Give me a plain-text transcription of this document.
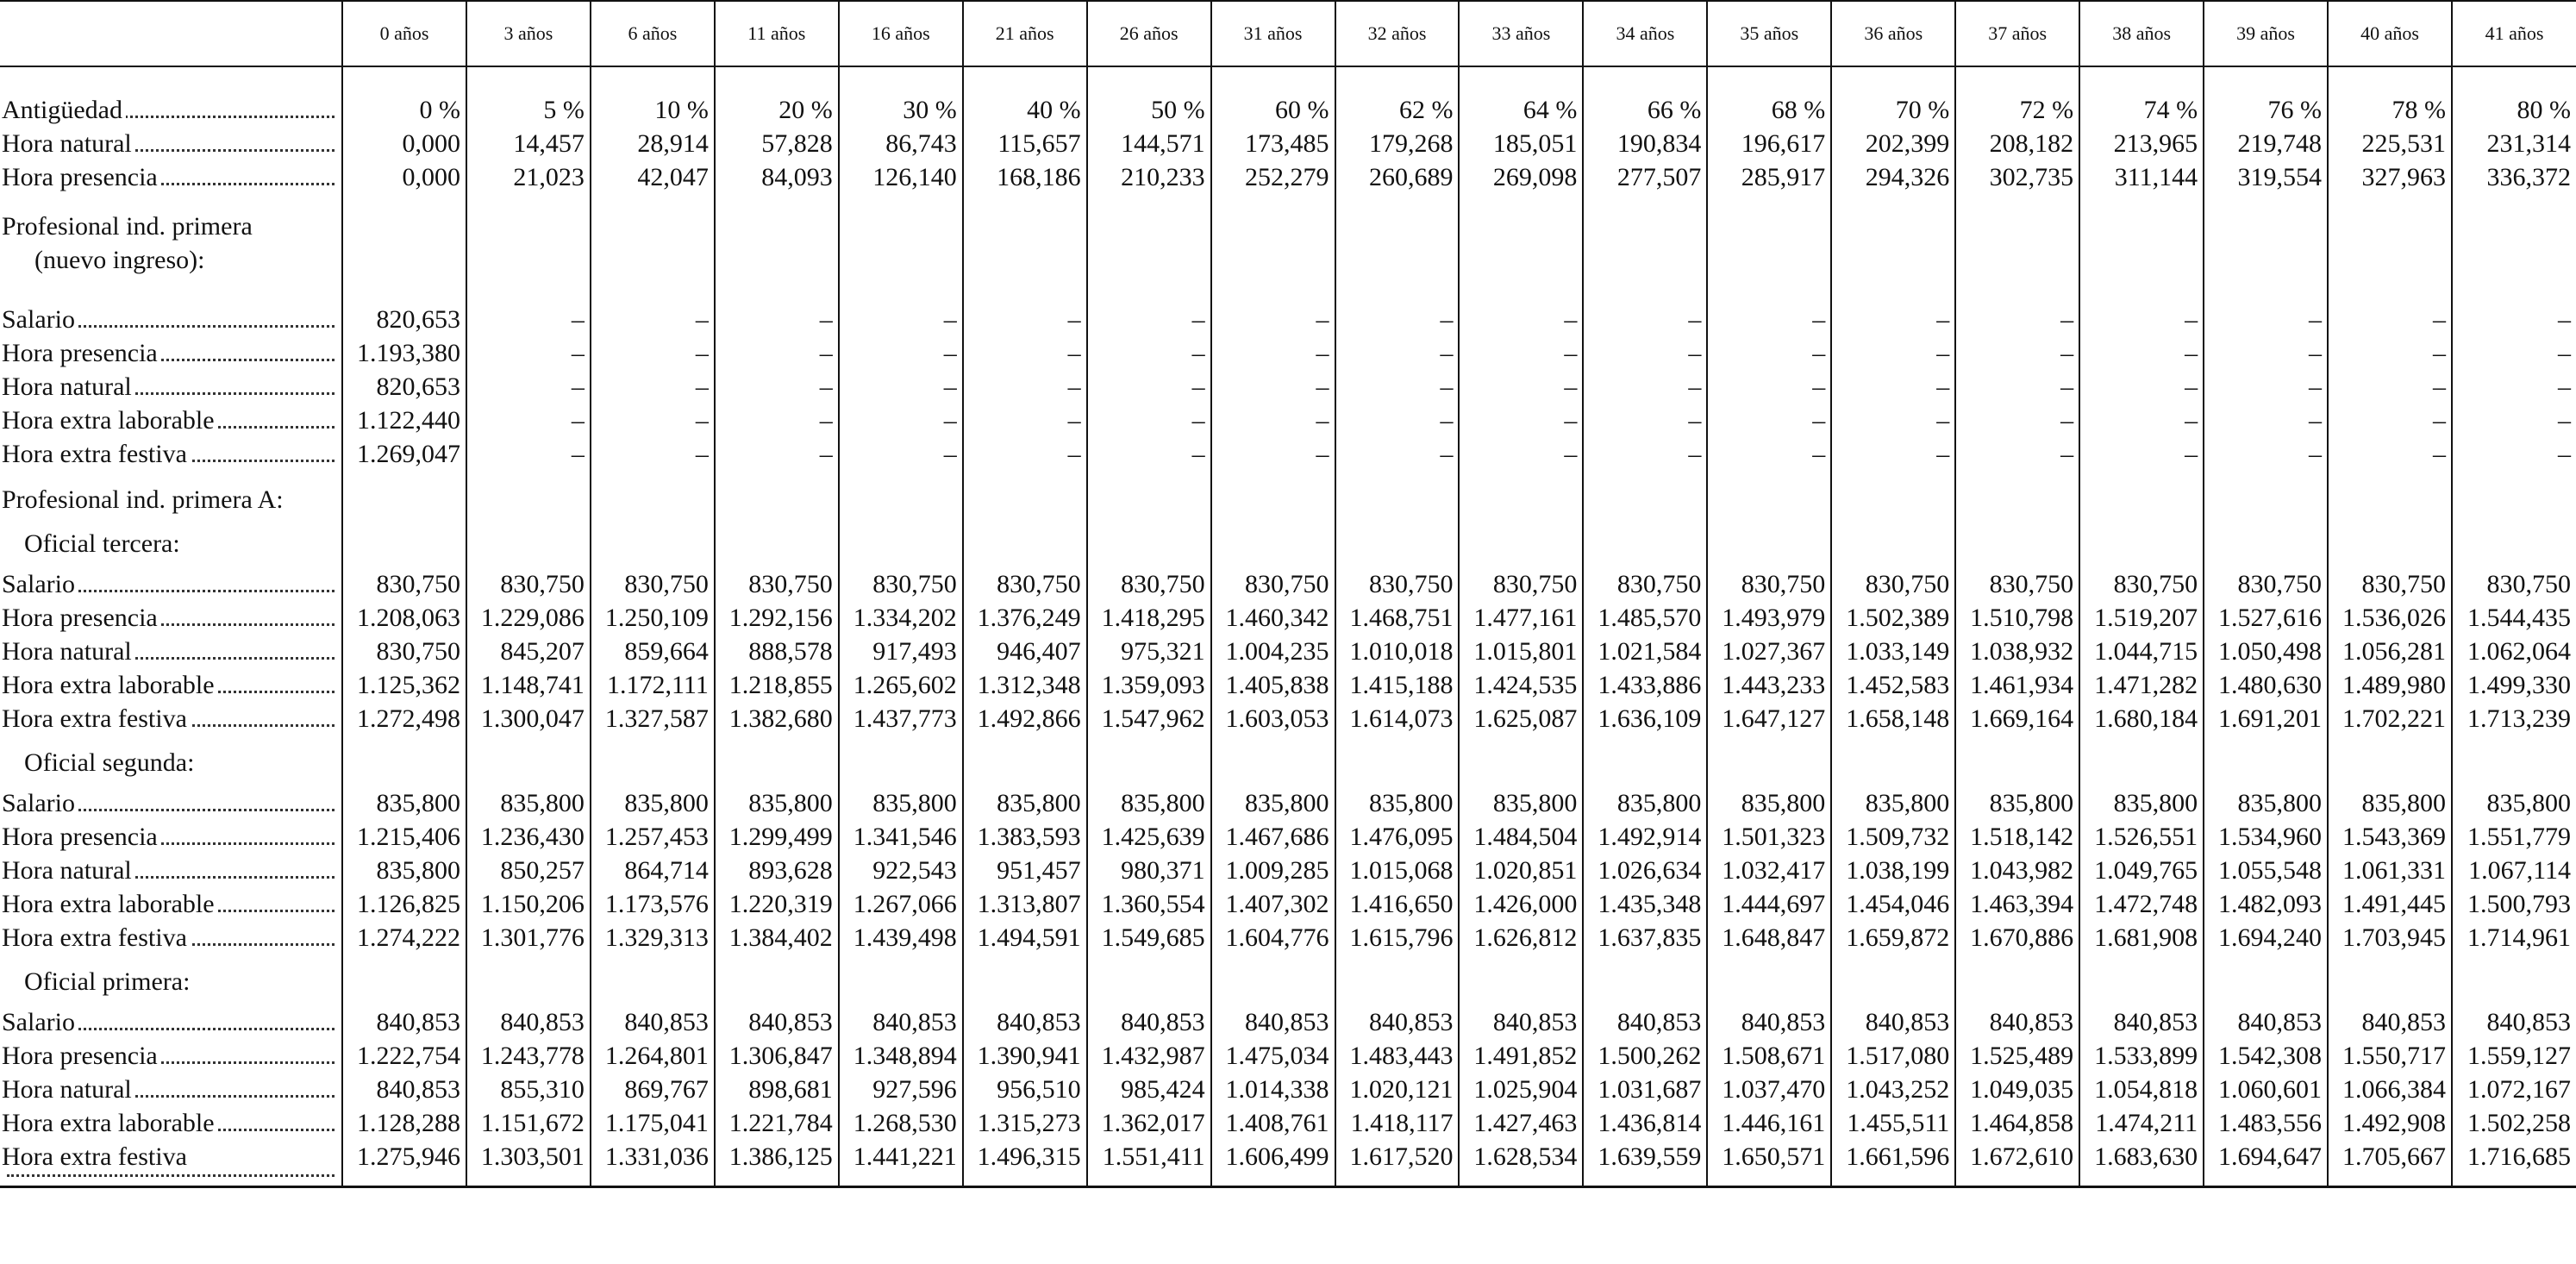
	0 años	3 años	6 años	11 años	16 años	21 años	26 años	31 años	32 años	33 años	34 años	35 años	36 años	37 años	38 años	39 años	40 años	41 años
Antigüedad	0 %	5 %	10 %	20 %	30 %	40 %	50 %	60 %	62 %	64 %	66 %	68 %	70 %	72 %	74 %	76 %	78 %	80 %
Hora natural	0,000	14,457	28,914	57,828	86,743	115,657	144,571	173,485	179,268	185,051	190,834	196,617	202,399	208,182	213,965	219,748	225,531	231,314
Hora presencia	0,000	21,023	42,047	84,093	126,140	168,186	210,233	252,279	260,689	269,098	277,507	285,917	294,326	302,735	311,144	319,554	327,963	336,372
Profesional ind. primera
(nuevo ingreso):																		

Salario	820,653	–	–	–	–	–	–	–	–	–	–	–	–	–	–	–	–	–
Hora presencia	1.193,380	–	–	–	–	–	–	–	–	–	–	–	–	–	–	–	–	–
Hora natural	820,653	–	–	–	–	–	–	–	–	–	–	–	–	–	–	–	–	–
Hora extra laborable	1.122,440	–	–	–	–	–	–	–	–	–	–	–	–	–	–	–	–	–
Hora extra festiva	1.269,047	–	–	–	–	–	–	–	–	–	–	–	–	–	–	–	–	–
Profesional ind. primera A:																		
Oficial tercera:																		
Salario	830,750	830,750	830,750	830,750	830,750	830,750	830,750	830,750	830,750	830,750	830,750	830,750	830,750	830,750	830,750	830,750	830,750	830,750
Hora presencia	1.208,063	1.229,086	1.250,109	1.292,156	1.334,202	1.376,249	1.418,295	1.460,342	1.468,751	1.477,161	1.485,570	1.493,979	1.502,389	1.510,798	1.519,207	1.527,616	1.536,026	1.544,435
Hora natural	830,750	845,207	859,664	888,578	917,493	946,407	975,321	1.004,235	1.010,018	1.015,801	1.021,584	1.027,367	1.033,149	1.038,932	1.044,715	1.050,498	1.056,281	1.062,064
Hora extra laborable	1.125,362	1.148,741	1.172,111	1.218,855	1.265,602	1.312,348	1.359,093	1.405,838	1.415,188	1.424,535	1.433,886	1.443,233	1.452,583	1.461,934	1.471,282	1.480,630	1.489,980	1.499,330
Hora extra festiva	1.272,498	1.300,047	1.327,587	1.382,680	1.437,773	1.492,866	1.547,962	1.603,053	1.614,073	1.625,087	1.636,109	1.647,127	1.658,148	1.669,164	1.680,184	1.691,201	1.702,221	1.713,239
Oficial segunda:																		
Salario	835,800	835,800	835,800	835,800	835,800	835,800	835,800	835,800	835,800	835,800	835,800	835,800	835,800	835,800	835,800	835,800	835,800	835,800
Hora presencia	1.215,406	1.236,430	1.257,453	1.299,499	1.341,546	1.383,593	1.425,639	1.467,686	1.476,095	1.484,504	1.492,914	1.501,323	1.509,732	1.518,142	1.526,551	1.534,960	1.543,369	1.551,779
Hora natural	835,800	850,257	864,714	893,628	922,543	951,457	980,371	1.009,285	1.015,068	1.020,851	1.026,634	1.032,417	1.038,199	1.043,982	1.049,765	1.055,548	1.061,331	1.067,114
Hora extra laborable	1.126,825	1.150,206	1.173,576	1.220,319	1.267,066	1.313,807	1.360,554	1.407,302	1.416,650	1.426,000	1.435,348	1.444,697	1.454,046	1.463,394	1.472,748	1.482,093	1.491,445	1.500,793
Hora extra festiva	1.274,222	1.301,776	1.329,313	1.384,402	1.439,498	1.494,591	1.549,685	1.604,776	1.615,796	1.626,812	1.637,835	1.648,847	1.659,872	1.670,886	1.681,908	1.694,240	1.703,945	1.714,961
Oficial primera:																		
Salario	840,853	840,853	840,853	840,853	840,853	840,853	840,853	840,853	840,853	840,853	840,853	840,853	840,853	840,853	840,853	840,853	840,853	840,853
Hora presencia	1.222,754	1.243,778	1.264,801	1.306,847	1.348,894	1.390,941	1.432,987	1.475,034	1.483,443	1.491,852	1.500,262	1.508,671	1.517,080	1.525,489	1.533,899	1.542,308	1.550,717	1.559,127
Hora natural	840,853	855,310	869,767	898,681	927,596	956,510	985,424	1.014,338	1.020,121	1.025,904	1.031,687	1.037,470	1.043,252	1.049,035	1.054,818	1.060,601	1.066,384	1.072,167
Hora extra laborable	1.128,288	1.151,672	1.175,041	1.221,784	1.268,530	1.315,273	1.362,017	1.408,761	1.418,117	1.427,463	1.436,814	1.446,161	1.455,511	1.464,858	1.474,211	1.483,556	1.492,908	1.502,258
Hora extra festiva	1.275,946	1.303,501	1.331,036	1.386,125	1.441,221	1.496,315	1.551,411	1.606,499	1.617,520	1.628,534	1.639,559	1.650,571	1.661,596	1.672,610	1.683,630	1.694,647	1.705,667	1.716,685
